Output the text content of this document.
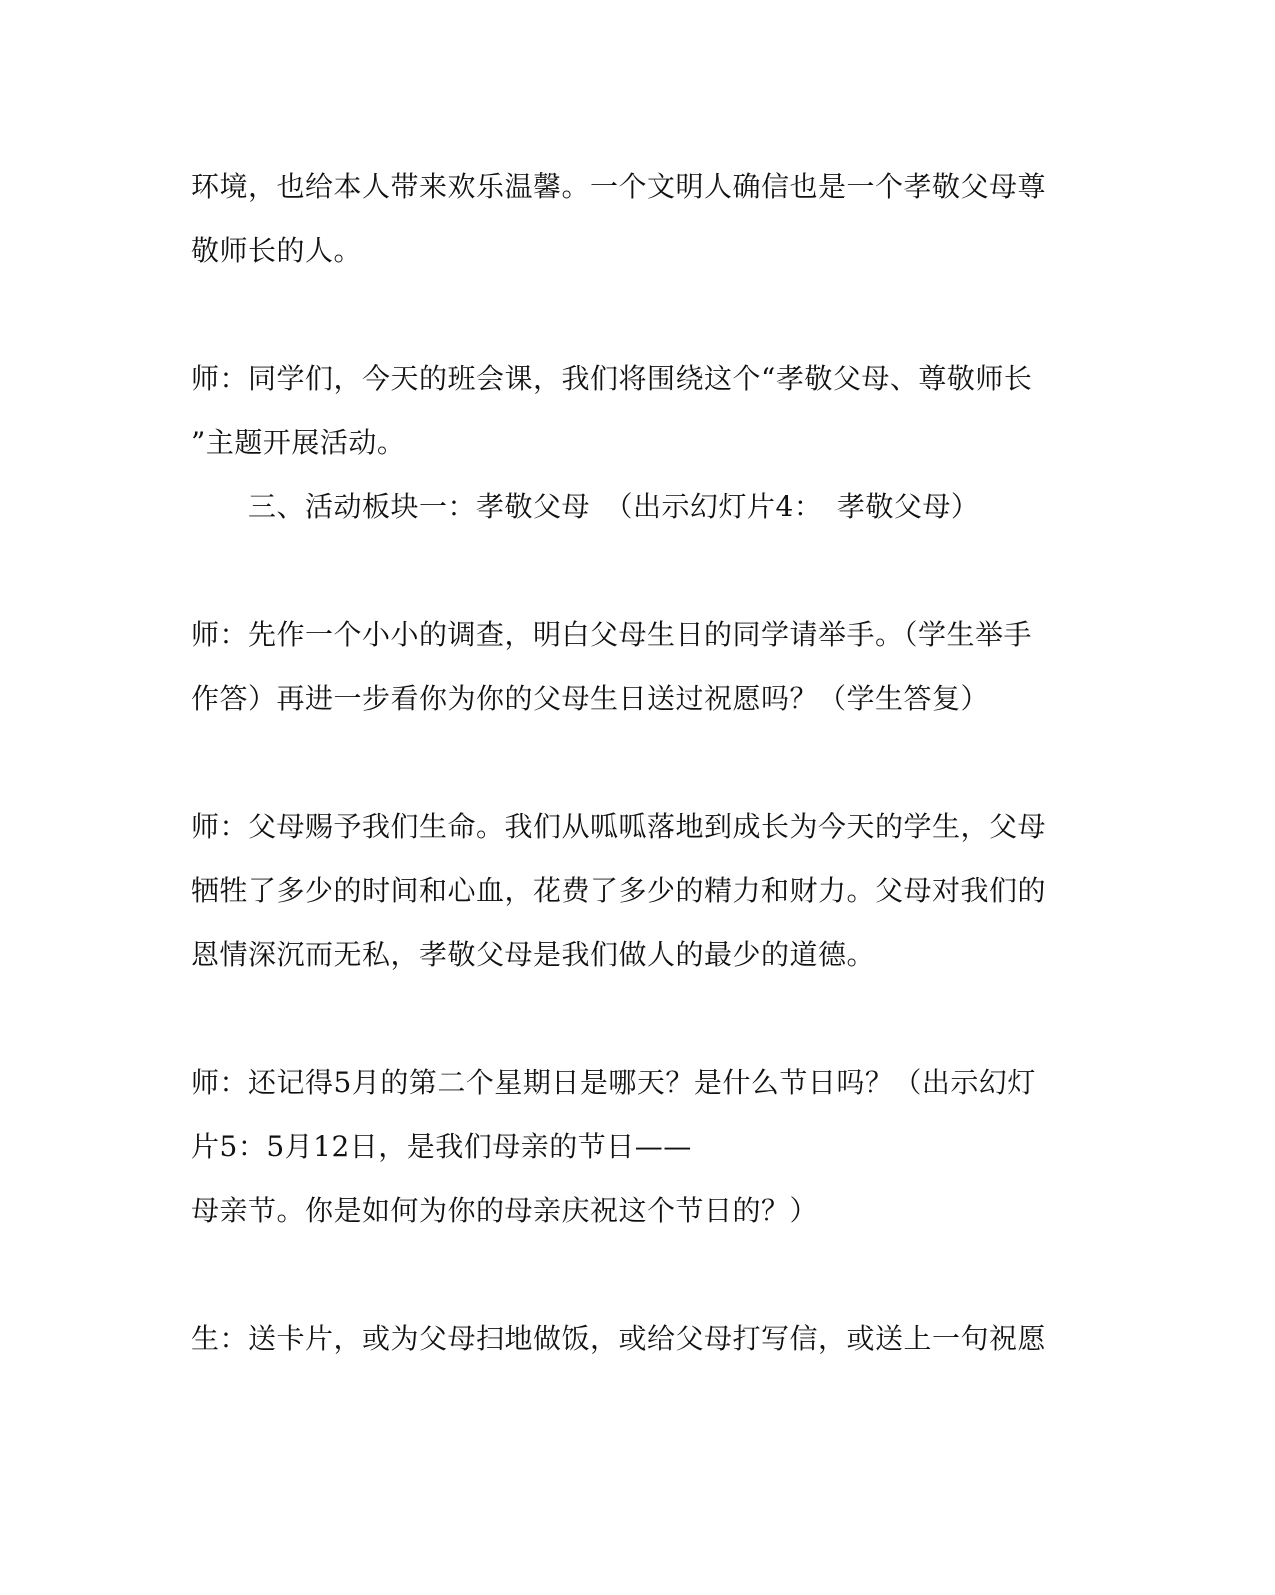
环境，也给本人带来欢乐温馨。一个文明人确信也是一个孝敬父母尊
敬师长的人。
师：同学们，今天的班会课，我们将围绕这个“孝敬父母、尊敬师长
”主题开展活动。
三、活动板块一：孝敬父母　（出示幻灯片4：　孝敬父母）
师：先作一个小小的调查，明白父母生日的同学请举手。（学生举手
作答）再进一步看你为你的父母生日送过祝愿吗？（学生答复）
师：父母赐予我们生命。我们从呱呱落地到成长为今天的学生，父母
牺牲了多少的时间和心血，花费了多少的精力和财力。父母对我们的
恩情深沉而无私，孝敬父母是我们做人的最少的道德。
师：还记得5月的第二个星期日是哪天？是什么节日吗？（出示幻灯
片5：5月12日，是我们母亲的节日——
母亲节。你是如何为你的母亲庆祝这个节日的？）
生：送卡片，或为父母扫地做饭，或给父母打写信，或送上一句祝愿
